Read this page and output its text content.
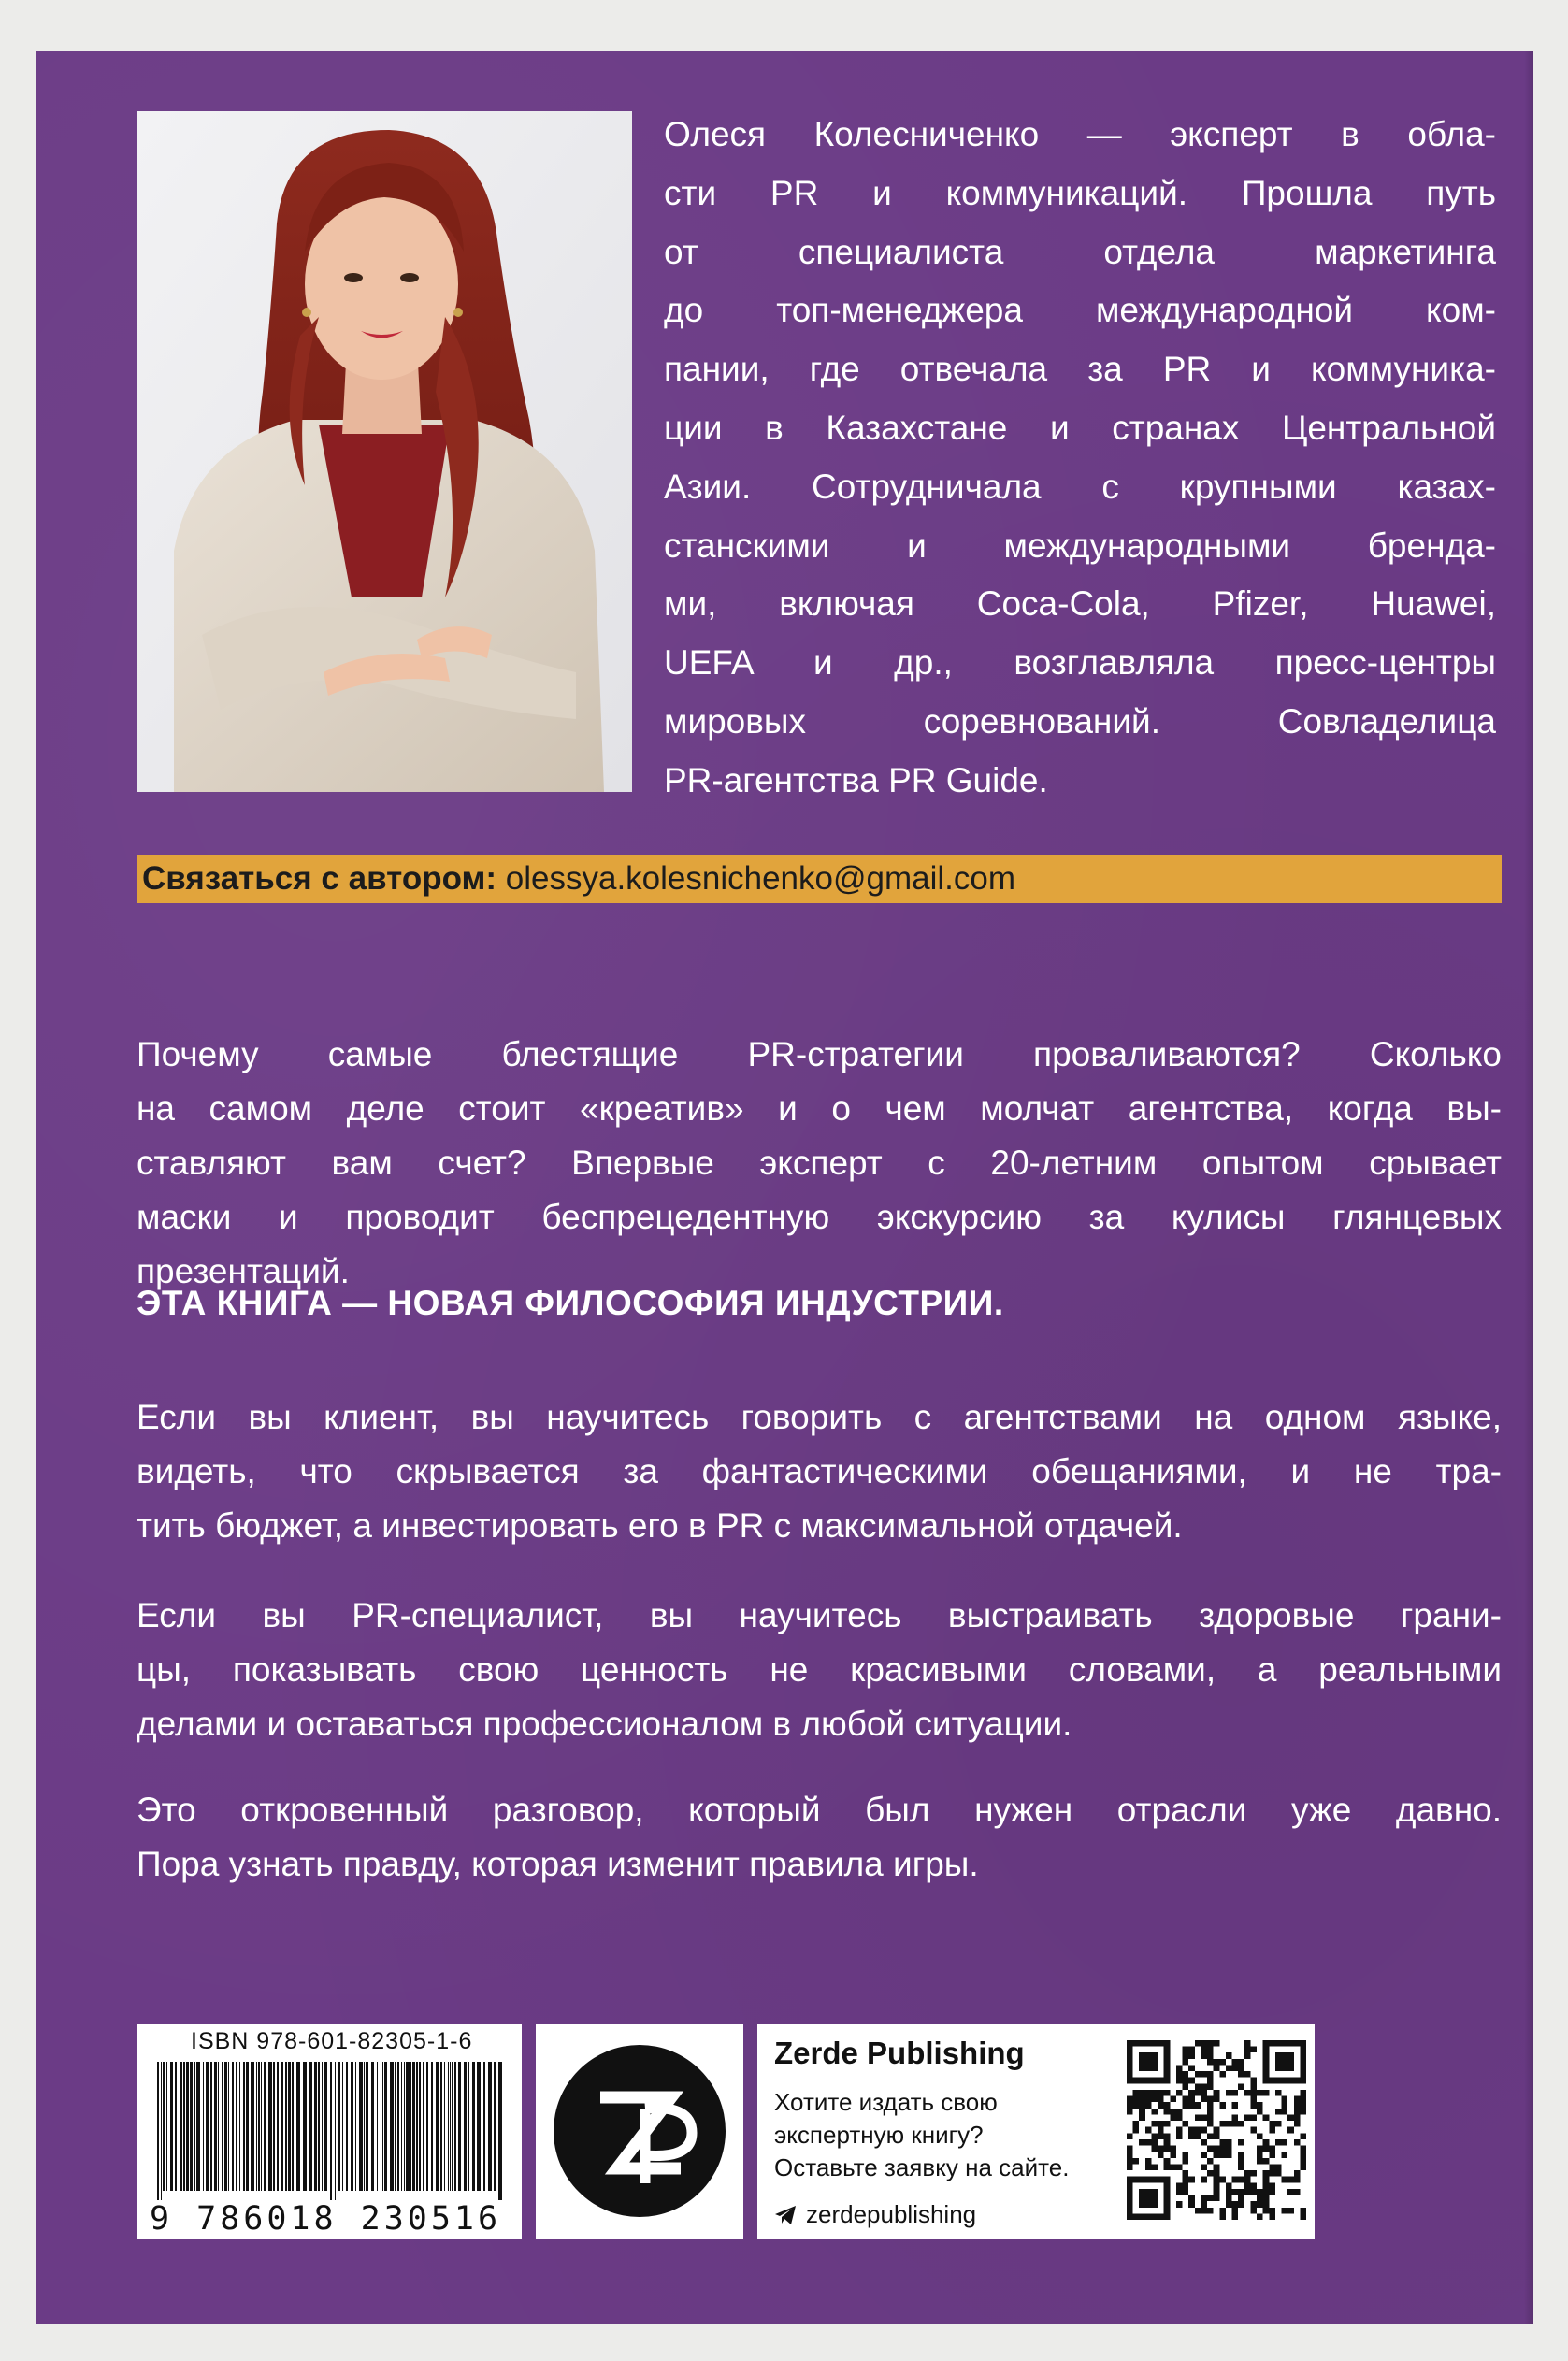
Олеся Колесниченко — эксперт в обла-
сти PR и коммуникаций. Прошла путь
от специалиста отдела маркетинга
до топ-менеджера международной ком-
пании, где отвечала за PR и коммуника-
ции в Казахстане и странах Центральной
Азии. Сотрудничала с крупными казах-
станскими и международными бренда-
ми, включая Coca-Cola, Pfizer, Huawei,
UEFA и др., возглавляла пресс-центры
мировых соревнований. Совладелица
PR-агентства PR Guide.
Связаться с автором: olessya.kolesnichenko@gmail.com
Почему самые блестящие PR-стратегии проваливаются? Сколько
на самом деле стоит «креатив» и о чем молчат агентства, когда вы-
ставляют вам счет? Впервые эксперт с 20-летним опытом срывает
маски и проводит беспрецедентную экскурсию за кулисы глянцевых
презентаций.
ЭТА КНИГА — НОВАЯ ФИЛОСОФИЯ ИНДУСТРИИ.
Если вы клиент, вы научитесь говорить с агентствами на одном языке,
видеть, что скрывается за фантастическими обещаниями, и не тра-
тить бюджет, а инвестировать его в PR с максимальной отдачей.
Если вы PR-специалист, вы научитесь выстраивать здоровые грани-
цы, показывать свою ценность не красивыми словами, а реальными
делами и оставаться профессионалом в любой ситуации.
Это откровенный разговор, который был нужен отрасли уже давно.
Пора узнать правду, которая изменит правила игры.
ISBN 978-601-82305-1-6
9 786018 230516
Zerde Publishing
Хотите издать свою
экспертную книгу?
Оставьте заявку на сайте.
zerdepublishing
